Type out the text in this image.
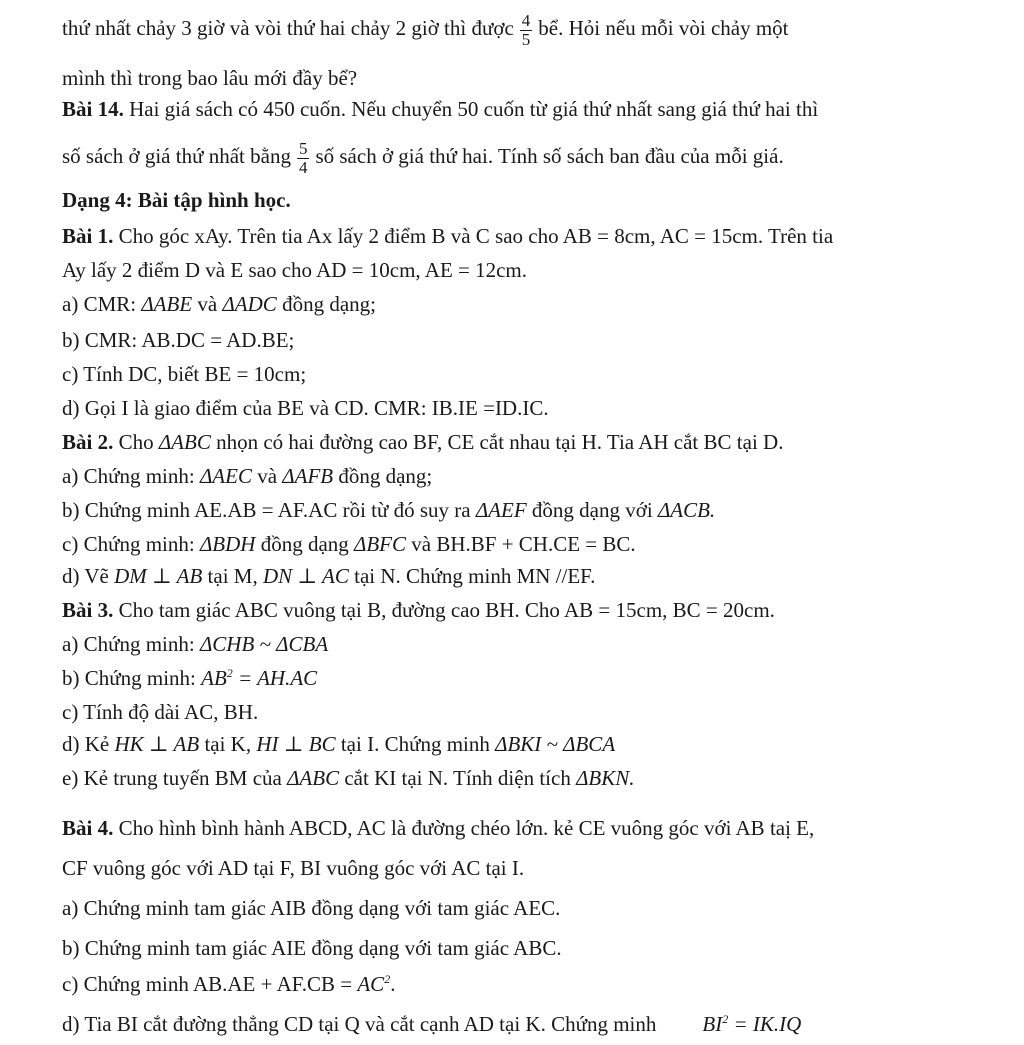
thứ nhất chảy 3 giờ và vòi thứ hai chảy 2 giờ thì được $\frac{4}{5}$ bể. Hỏi nếu mỗi vòi chảy một
mình thì trong bao lâu mới đầy bể?
Bài 14. Hai giá sách có 450 cuốn. Nếu chuyển 50 cuốn từ giá thứ nhất sang giá thứ hai thì
số sách ở giá thứ nhất bằng $\frac{5}{4}$ số sách ở giá thứ hai. Tính số sách ban đầu của mỗi giá.
Dạng 4: Bài tập hình học.
Bài 1. Cho góc xAy. Trên tia Ax lấy 2 điểm B và C sao cho AB = 8cm, AC = 15cm. Trên tia
Ay lấy 2 điểm D và E sao cho AD = 10cm, AE = 12cm.
a) CMR: ΔABE và ΔADC đồng dạng;
b) CMR: AB.DC = AD.BE;
c) Tính DC, biết BE = 10cm;
d) Gọi I là giao điểm của BE và CD. CMR: IB.IE =ID.IC.
Bài 2. Cho ΔABC nhọn có hai đường cao BF, CE cắt nhau tại H. Tia AH cắt BC tại D.
a) Chứng minh: ΔAEC và ΔAFB đồng dạng;
b) Chứng minh AE.AB = AF.AC rồi từ đó suy ra ΔAEF đồng dạng với ΔACB.
c) Chứng minh: ΔBDH đồng dạng ΔBFC và BH.BF + CH.CE = BC.
d) Vẽ DM ⊥ AB tại M, DN ⊥ AC tại N. Chứng minh MN //EF.
Bài 3. Cho tam giác ABC vuông tại B, đường cao BH. Cho AB = 15cm, BC = 20cm.
a) Chứng minh: ΔCHB ~ ΔCBA
b) Chứng minh: $AB^2 = AH.AC$
c) Tính độ dài AC, BH.
d) Kẻ HK ⊥ AB tại K, HI ⊥ BC tại I. Chứng minh ΔBKI ~ ΔBCA
e) Kẻ trung tuyến BM của ΔABC cắt KI tại N. Tính diện tích ΔBKN.
Bài 4. Cho hình bình hành ABCD, AC là đường chéo lớn. kẻ CE vuông góc với AB taị E,
CF vuông góc với AD tại F, BI vuông góc với AC tại I.
a) Chứng minh tam giác AIB đồng dạng với tam giác AEC.
b) Chứng minh tam giác AIE đồng dạng với tam giác ABC.
c) Chứng minh $AB.AE + AF.CB = AC^2$.
d) Tia BI cắt đường thẳng CD tại Q và cắt cạnh AD tại K. Chứng minh $BI^2 = IK.IQ$
